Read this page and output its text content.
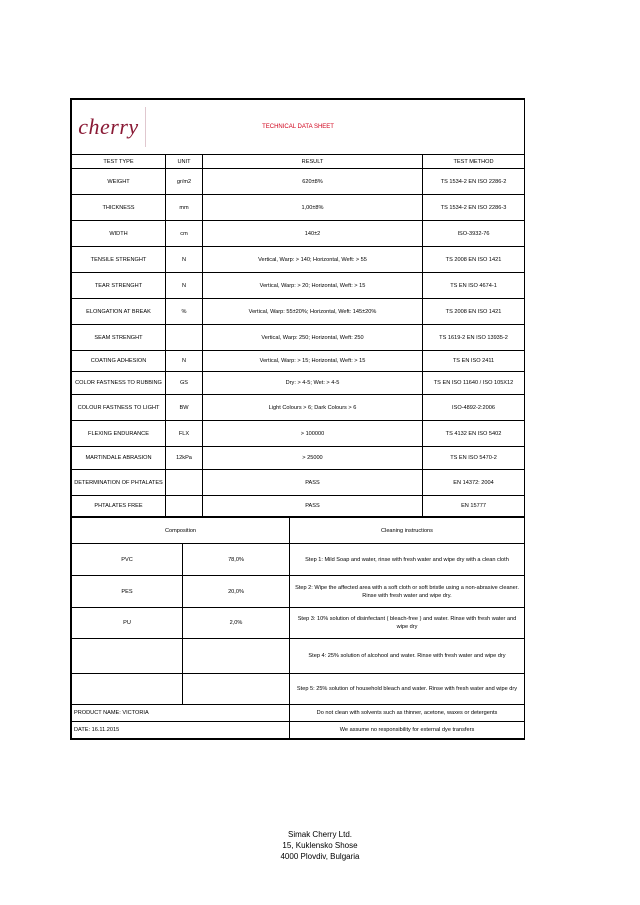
cherry TECHNICAL DATA SHEET			

TEST TYPE	UNIT	RESULT	TEST METHOD
WEIGHT	gr/m2	620±8%	TS 1534-2 EN ISO 2286-2
THICKNESS	mm	1,00±8%	TS 1534-2 EN ISO 2286-3
WIDTH	cm	140±2	ISO-3932-76
TENSILE STRENGHT	N	Vertical, Warp: > 140; Horizontal, Weft: > 55	TS 2008 EN ISO 1421
TEAR STRENGHT	N	Vertical, Warp: > 20; Horizontal, Weft: > 15	TS EN ISO 4674-1
ELONGATION AT BREAK	%	Vertical, Warp: 55±20%; Horizontal, Weft: 145±20%	TS 2008 EN ISO 1421
SEAM STRENGHT		Vertical, Warp: 250; Horizontal, Weft: 250	TS 1619-2 EN ISO 13935-2
COATING ADHESION	N	Vertical, Warp: > 15; Horizontal, Weft: > 15	TS EN ISO 2411
COLOR FASTNESS TO RUBBING	GS	Dry: > 4-5; Wet: > 4-5	TS EN ISO 11640 / ISO 105X12
COLOUR FASTNESS TO LIGHT	BW	Light Colours > 6; Dark Colours > 6	ISO-4892-2:2006
FLEXING ENDURANCE	FLX	> 100000	TS 4132 EN ISO 5402
MARTINDALE ABRASION	12kPa	> 25000	TS EN ISO 5470-2
DETERMINATION OF PHTALATES		PASS	EN 14372: 2004
PHTALATES FREE		PASS	EN 15777
Composition		Cleaning instructions
PVC	78,0%	Step 1: Mild Soap and water, rinse with fresh water and wipe dry with a clean cloth
PES	20,0%	Step 2: Wipe the affected area with a soft cloth or soft bristle using a non-abrasive cleaner. Rinse with fresh water and wipe dry.
PU	2,0%	Step 3: 10% solution of disinfectant ( bleach-free ) and water. Rinse with fresh water and wipe dry
		Step 4: 25% solution of alcohool and water. Rinse with fresh water and wipe dry
		Step 5: 25% solution of household bleach and water. Rinse with fresh water and wipe dry
PRODUCT NAME: VICTORIA		Do not clean with solvents such as thinner, acetone, waxes or detergents
DATE: 16.11.2015		We assume no responsibility for external dye transfers
Simak Cherry Ltd.
15, Kuklensko Shose
4000 Plovdiv, Bulgaria
